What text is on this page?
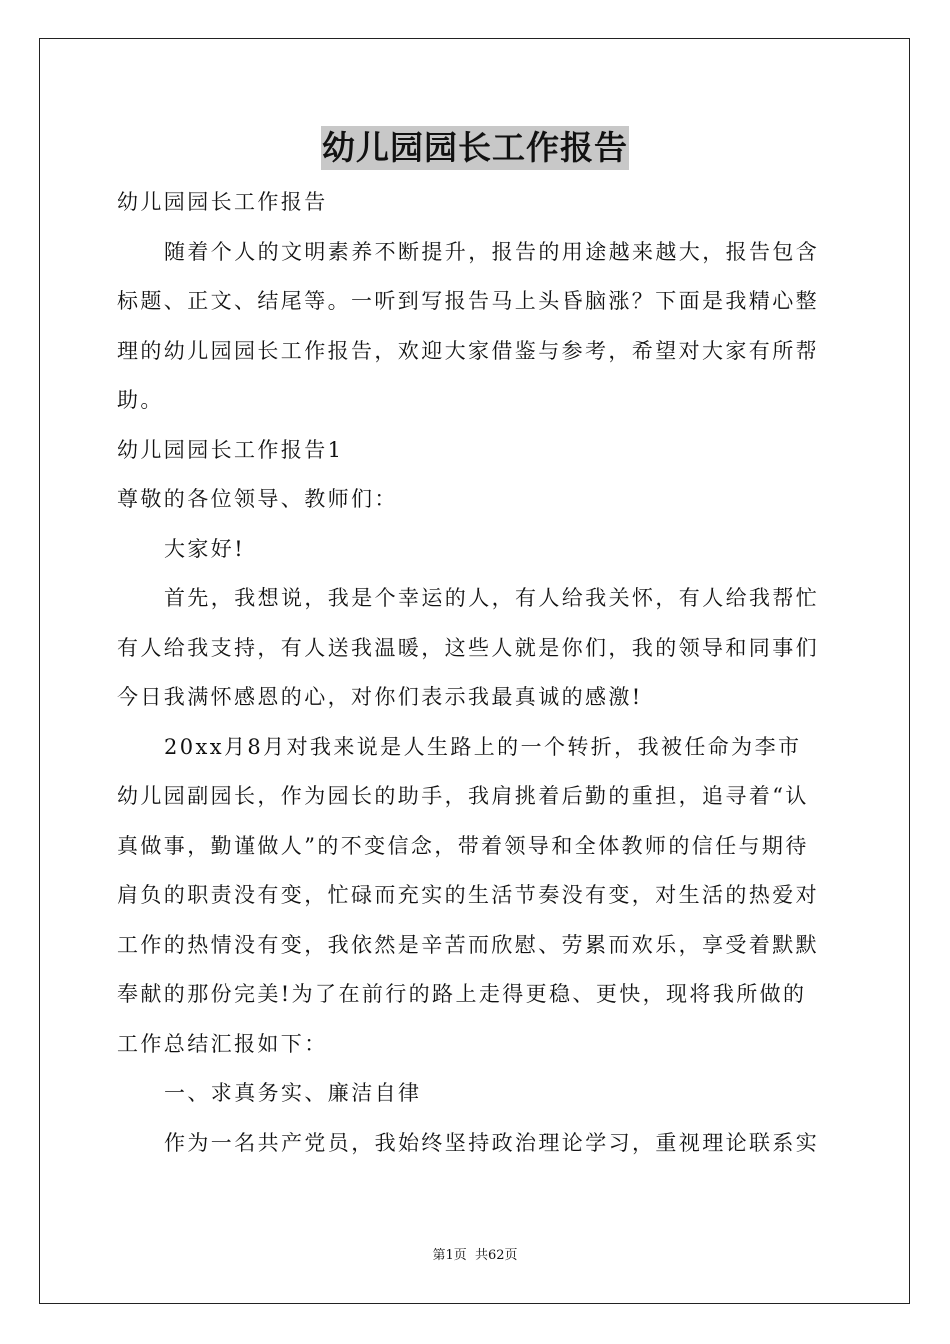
幼儿园园长工作报告
幼儿园园长工作报告
随着个人的文明素养不断提升，报告的用途越来越大，报告包含
标题、正文、结尾等。一听到写报告马上头昏脑涨？下面是我精心整
理的幼儿园园长工作报告，欢迎大家借鉴与参考，希望对大家有所帮
助。
幼儿园园长工作报告1
尊敬的各位领导、教师们：
大家好!
首先，我想说，我是个幸运的人，有人给我关怀，有人给我帮忙
有人给我支持，有人送我温暖，这些人就是你们，我的领导和同事们
今日我满怀感恩的心，对你们表示我最真诚的感激!
20xx月8月对我来说是人生路上的一个转折，我被任命为李市
幼儿园副园长，作为园长的助手，我肩挑着后勤的重担，追寻着“认
真做事，勤谨做人”的不变信念，带着领导和全体教师的信任与期待
肩负的职责没有变，忙碌而充实的生活节奏没有变，对生活的热爱对
工作的热情没有变，我依然是辛苦而欣慰、劳累而欢乐，享受着默默
奉献的那份完美!为了在前行的路上走得更稳、更快，现将我所做的
工作总结汇报如下：
一、求真务实、廉洁自律
作为一名共产党员，我始终坚持政治理论学习，重视理论联系实
第1页 共62页
